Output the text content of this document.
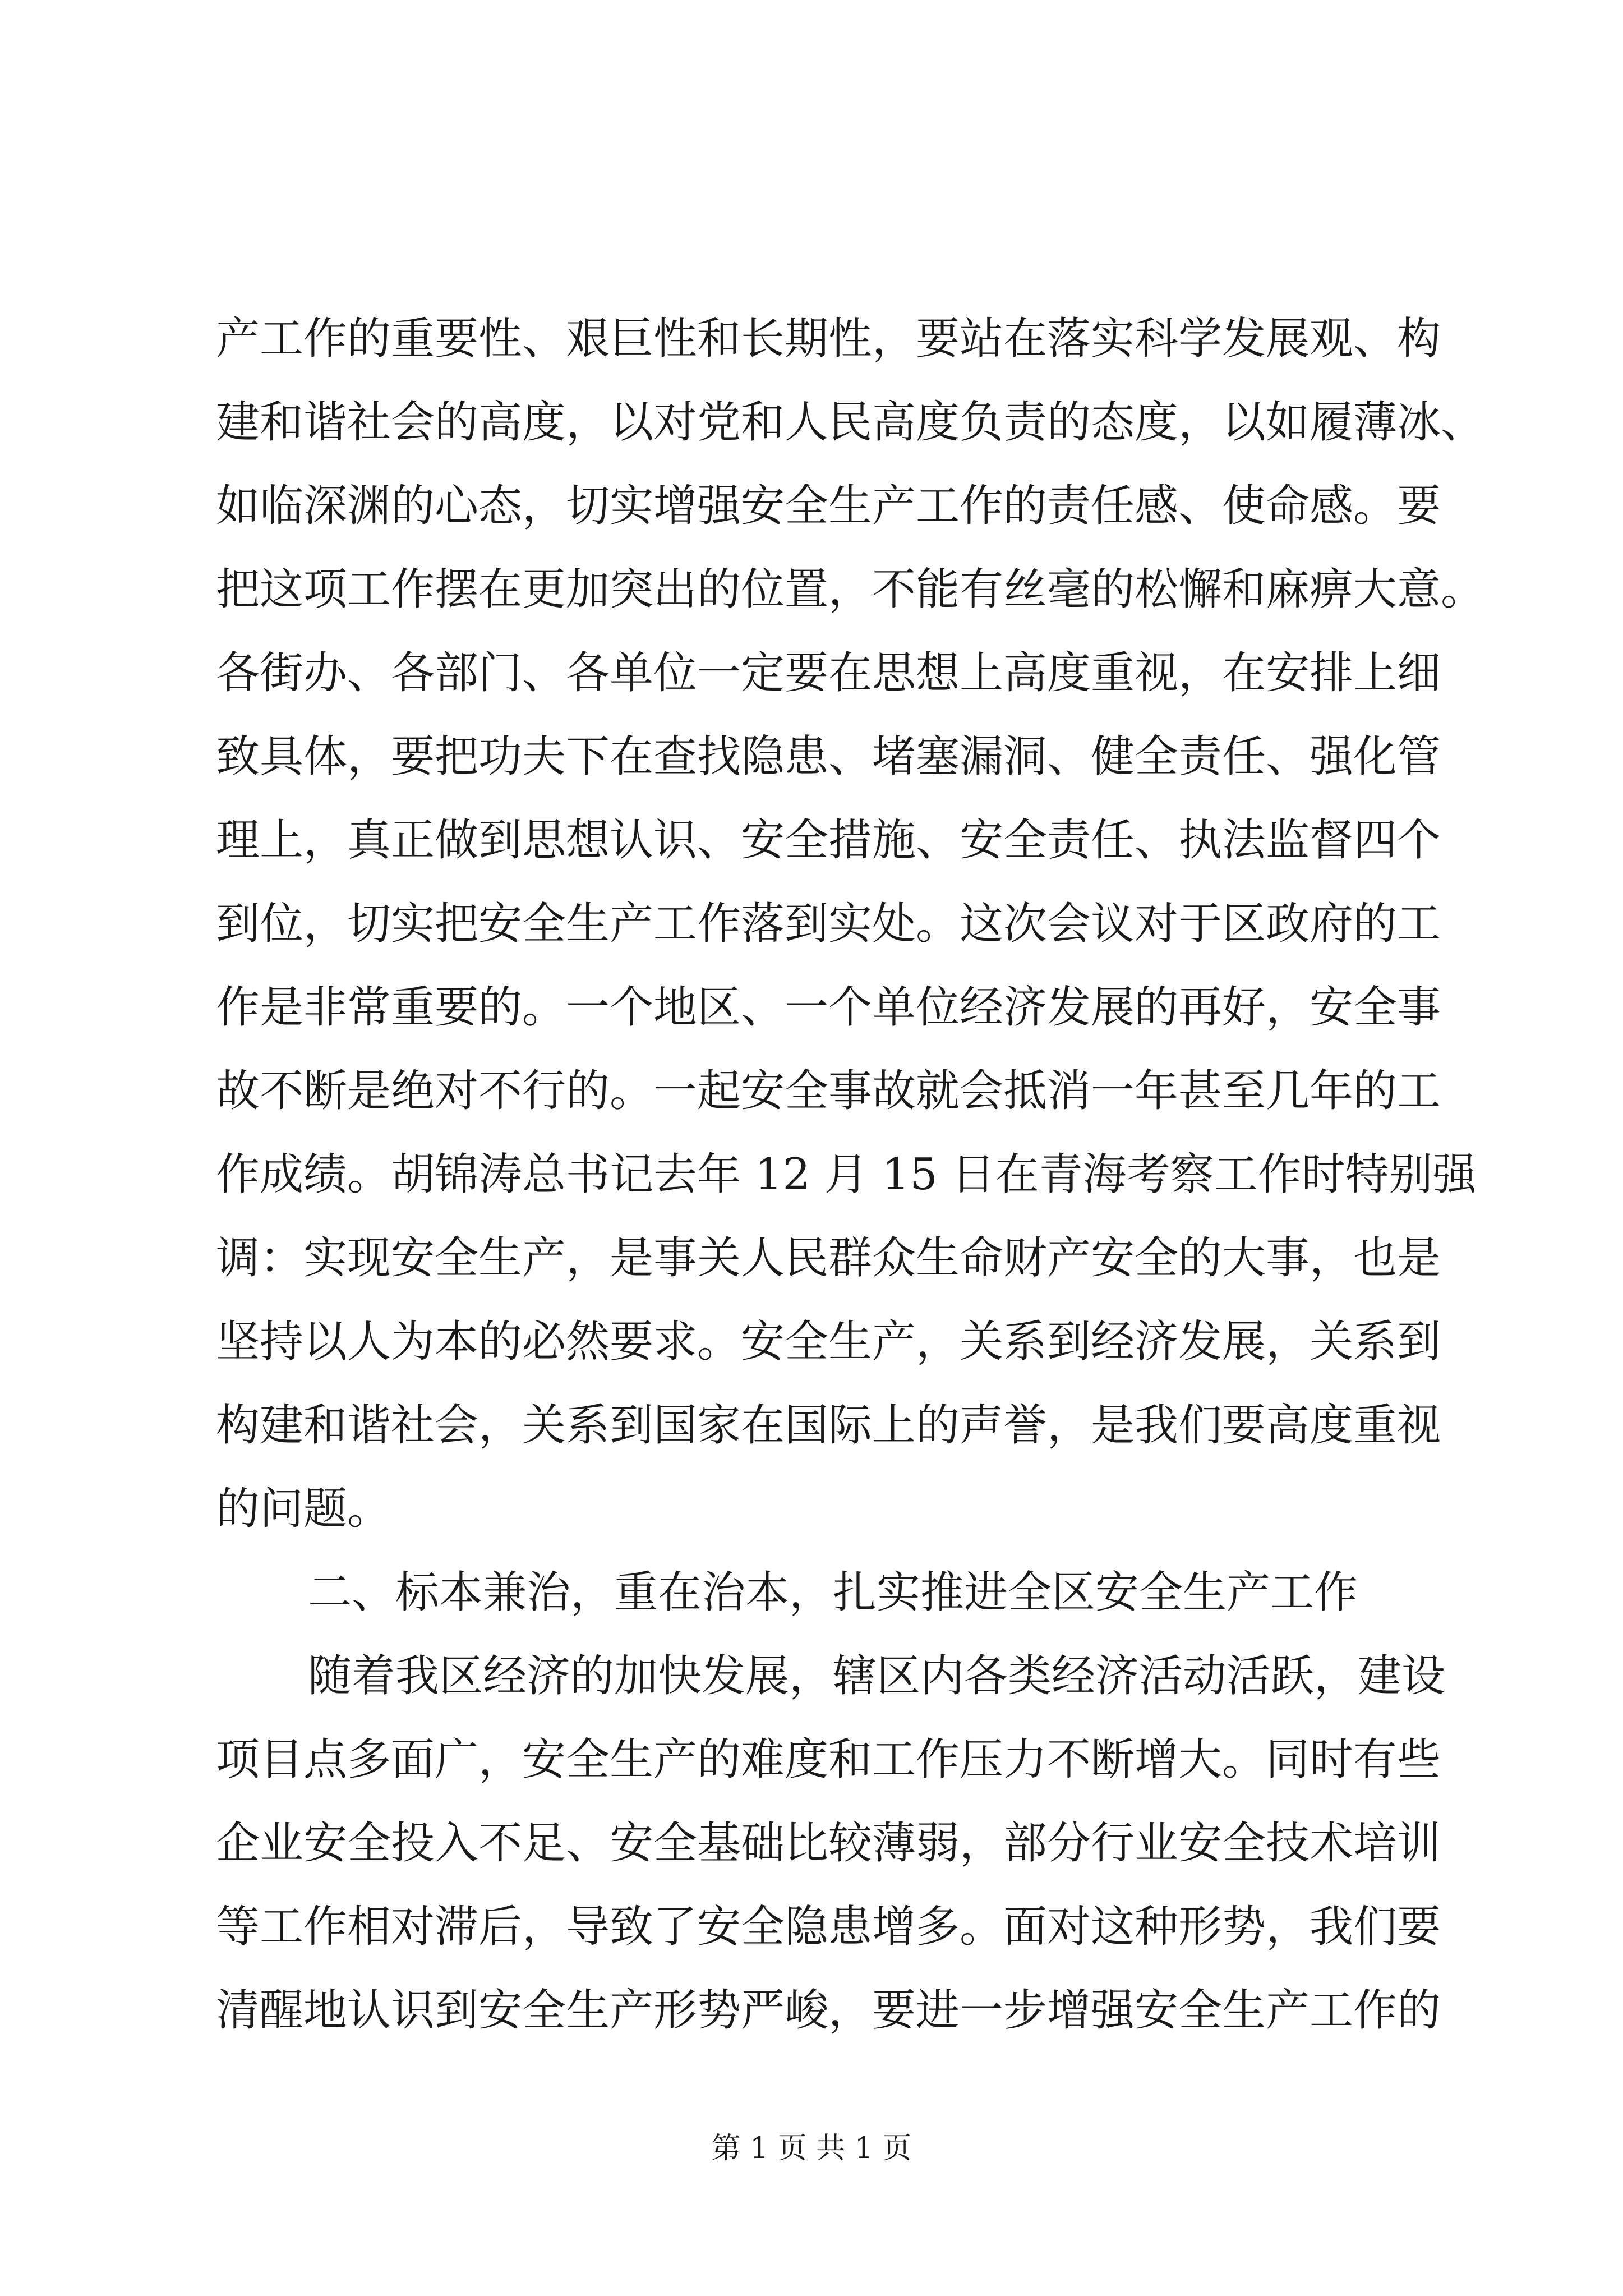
产工作的重要性、艰巨性和长期性，要站在落实科学发展观、构
建和谐社会的高度，以对党和人民高度负责的态度，以如履薄冰、
如临深渊的心态，切实增强安全生产工作的责任感、使命感。要
把这项工作摆在更加突出的位置，不能有丝毫的松懈和麻痹大意。
各街办、各部门、各单位一定要在思想上高度重视，在安排上细
致具体，要把功夫下在查找隐患、堵塞漏洞、健全责任、强化管
理上，真正做到思想认识、安全措施、安全责任、执法监督四个
到位，切实把安全生产工作落到实处。这次会议对于区政府的工
作是非常重要的。一个地区、一个单位经济发展的再好，安全事
故不断是绝对不行的。一起安全事故就会抵消一年甚至几年的工
作成绩。胡锦涛总书记去年 12 月 15 日在青海考察工作时特别强
调：实现安全生产，是事关人民群众生命财产安全的大事，也是
坚持以人为本的必然要求。安全生产，关系到经济发展，关系到
构建和谐社会，关系到国家在国际上的声誉，是我们要高度重视
的问题。
二、标本兼治，重在治本，扎实推进全区安全生产工作
随着我区经济的加快发展，辖区内各类经济活动活跃，建设
项目点多面广，安全生产的难度和工作压力不断增大。同时有些
企业安全投入不足、安全基础比较薄弱，部分行业安全技术培训
等工作相对滞后，导致了安全隐患增多。面对这种形势，我们要
清醒地认识到安全生产形势严峻，要进一步增强安全生产工作的
第 1 页 共 1 页
